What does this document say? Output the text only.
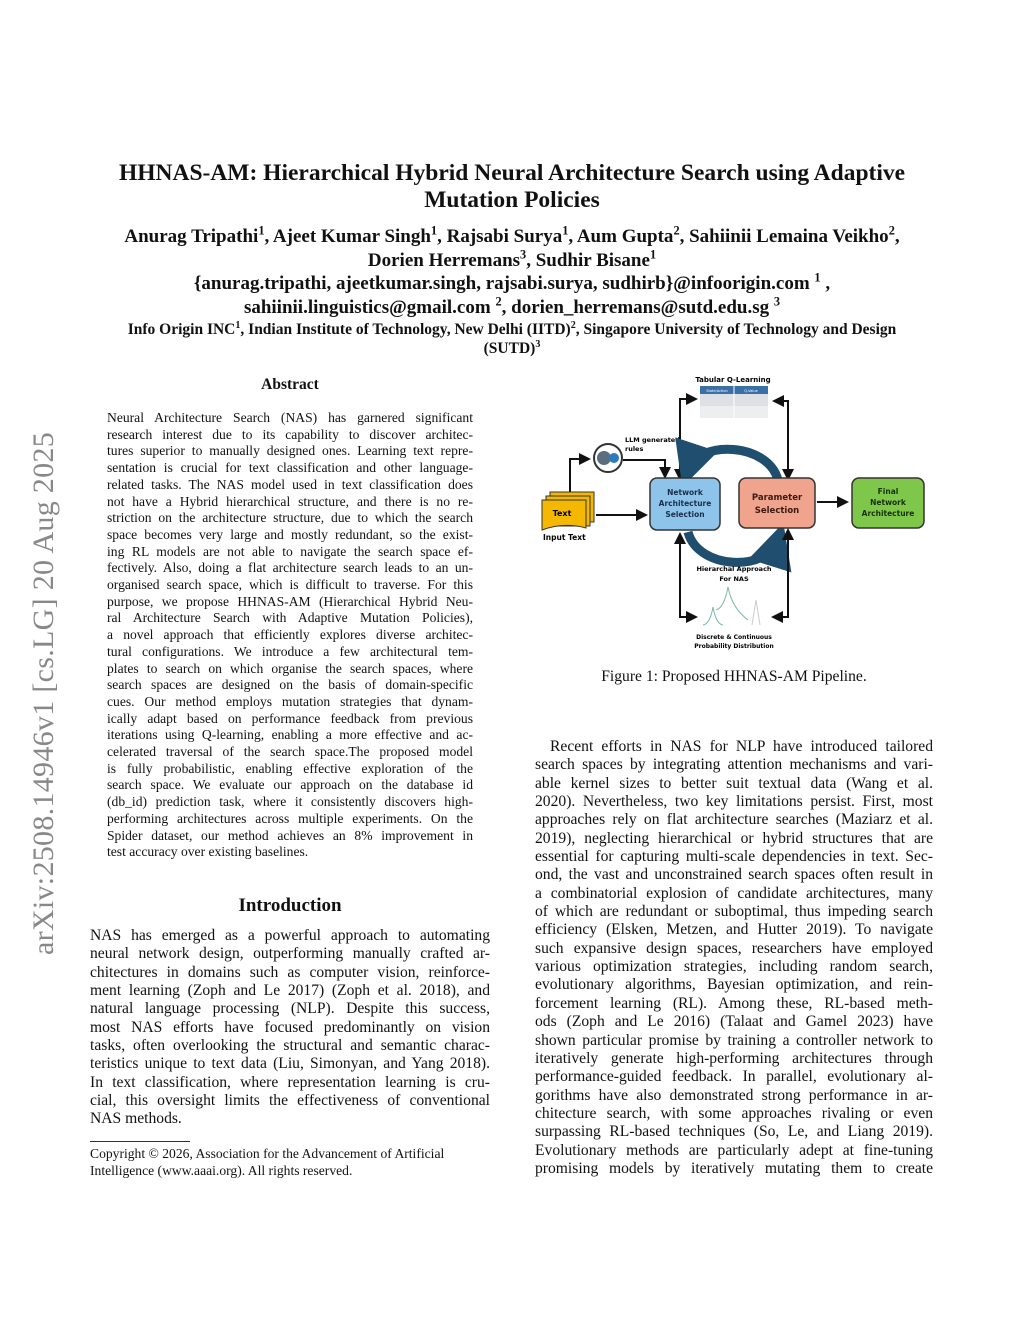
arXiv:2508.14946v1 [cs.LG] 20 Aug 2025
HHNAS-AM: Hierarchical Hybrid Neural Architecture Search using Adaptive
Mutation Policies
Anurag Tripathi$^1$, Ajeet Kumar Singh$^1$, Rajsabi Surya$^1$, Aum Gupta$^2$, Sahiinii Lemaina Veikho$^2$,
Dorien Herremans$^3$, Sudhir Bisane$^1$
{anurag.tripathi, ajeetkumar.singh, rajsabi.surya, sudhirb}@infoorigin.com $^1$ ,
sahiinii.linguistics@gmail.com $^2$, dorien_herremans@sutd.edu.sg $^3$
Info Origin INC$^1$, Indian Institute of Technology, New Delhi (IITD)$^2$, Singapore University of Technology and Design
(SUTD)$^3$
Abstract
Neural Architecture Search (NAS) has garnered significant
research interest due to its capability to discover architec-
tures superior to manually designed ones. Learning text repre-
sentation is crucial for text classification and other language-
related tasks. The NAS model used in text classification does
not have a Hybrid hierarchical structure, and there is no re-
striction on the architecture structure, due to which the search
space becomes very large and mostly redundant, so the exist-
ing RL models are not able to navigate the search space ef-
fectively. Also, doing a flat architecture search leads to an un-
organised search space, which is difficult to traverse. For this
purpose, we propose HHNAS-AM (Hierarchical Hybrid Neu-
ral Architecture Search with Adaptive Mutation Policies),
a novel approach that efficiently explores diverse architec-
tural configurations. We introduce a few architectural tem-
plates to search on which organise the search spaces, where
search spaces are designed on the basis of domain-specific
cues. Our method employs mutation strategies that dynam-
ically adapt based on performance feedback from previous
iterations using Q-learning, enabling a more effective and ac-
celerated traversal of the search space.The proposed model
is fully probabilistic, enabling effective exploration of the
search space. We evaluate our approach on the database id
(db_id) prediction task, where it consistently discovers high-
performing architectures across multiple experiments. On the
Spider dataset, our method achieves an 8% improvement in
test accuracy over existing baselines.
Introduction
NAS has emerged as a powerful approach to automating
neural network design, outperforming manually crafted ar-
chitectures in domains such as computer vision, reinforce-
ment learning (Zoph and Le 2017) (Zoph et al. 2018), and
natural language processing (NLP). Despite this success,
most NAS efforts have focused predominantly on vision
tasks, often overlooking the structural and semantic charac-
teristics unique to text data (Liu, Simonyan, and Yang 2018).
In text classification, where representation learning is cru-
cial, this oversight limits the effectiveness of conventional
NAS methods.
Copyright © 2026, Association for the Advancement of Artificial
Intelligence (www.aaai.org). All rights reserved.
Tabular Q-Learning
State/Action	Q-Value
LLM generated
rules
Text
Input Text
Network
Architecture
Selection
Parameter
Selection
Final
Network
Architecture
Hierarchal Approach
For NAS
Discrete & Continuous
Probability Distribution
Figure 1: Proposed HHNAS-AM Pipeline.
Recent efforts in NAS for NLP have introduced tailored
search spaces by integrating attention mechanisms and vari-
able kernel sizes to better suit textual data (Wang et al.
2020). Nevertheless, two key limitations persist. First, most
approaches rely on flat architecture searches (Maziarz et al.
2019), neglecting hierarchical or hybrid structures that are
essential for capturing multi-scale dependencies in text. Sec-
ond, the vast and unconstrained search spaces often result in
a combinatorial explosion of candidate architectures, many
of which are redundant or suboptimal, thus impeding search
efficiency (Elsken, Metzen, and Hutter 2019). To navigate
such expansive design spaces, researchers have employed
various optimization strategies, including random search,
evolutionary algorithms, Bayesian optimization, and rein-
forcement learning (RL). Among these, RL-based meth-
ods (Zoph and Le 2016) (Talaat and Gamel 2023) have
shown particular promise by training a controller network to
iteratively generate high-performing architectures through
performance-guided feedback. In parallel, evolutionary al-
gorithms have also demonstrated strong performance in ar-
chitecture search, with some approaches rivaling or even
surpassing RL-based techniques (So, Le, and Liang 2019).
Evolutionary methods are particularly adept at fine-tuning
promising models by iteratively mutating them to create
